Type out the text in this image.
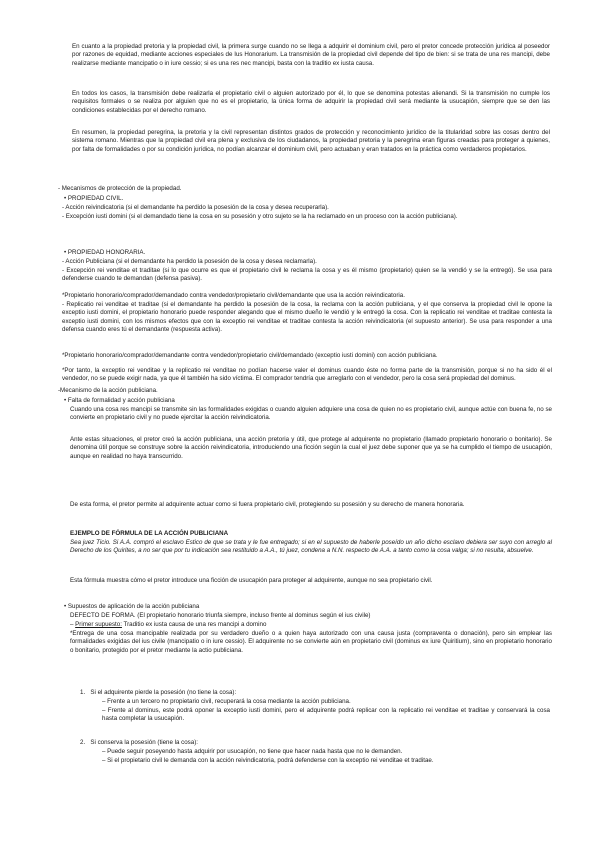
En cuanto a la propiedad pretoria y la propiedad civil, la primera surge cuando no se llega a adquirir el dominium civil, pero el pretor concede protección jurídica al poseedor por razones de equidad, mediante acciones especiales de Ius Honorarium. La transmisión de la propiedad civil depende del tipo de bien: si se trata de una res mancipi, debe realizarse mediante mancipatio o in iure cessio; si es una res nec mancipi, basta con la traditio ex iusta causa.
En todos los casos, la transmisión debe realizarla el propietario civil o alguien autorizado por él, lo que se denomina potestas alienandi. Si la transmisión no cumple los requisitos formales o se realiza por alguien que no es el propietario, la única forma de adquirir la propiedad civil será mediante la usucapión, siempre que se den las condiciones establecidas por el derecho romano.
En resumen, la propiedad peregrina, la pretoria y la civil representan distintos grados de protección y reconocimiento jurídico de la titularidad sobre las cosas dentro del sistema romano. Mientras que la propiedad civil era plena y exclusiva de los ciudadanos, la propiedad pretoria y la peregrina eran figuras creadas para proteger a quienes, por falta de formalidades o por su condición jurídica, no podían alcanzar el dominium civil, pero actuaban y eran tratados en la práctica como verdaderos propietarios.
- Mecanismos de protección de la propiedad.
• PROPIEDAD CIVIL.
- Acción reivindicatoria (si el demandante ha perdido la posesión de la cosa y desea recuperarla).
- Excepción iusti domini (si el demandado tiene la cosa en su posesión y otro sujeto se la ha reclamado en un proceso con la acción publiciana).
• PROPIEDAD HONORARIA.
- Acción Publiciana (si el demandante ha perdido la posesión de la cosa y desea reclamarla).
- Excepción rei venditae et traditae (si lo que ocurre es que el propietario civil le reclama la cosa y es él mismo (propietario) quien se la vendió y se la entregó). Se usa para defenderse cuando te demandan (defensa pasiva).
*Propietario honorario/comprador/demandado contra vendedor/propietario civil/demandante que usa la acción reivindicatoria.
- Replicatio rei venditae et traditae (si el demandante ha perdido la posesión de la cosa, la reclama con la acción publiciana, y el que conserva la propiedad civil le opone la exceptio iusti domini, el propietario honorario puede responder alegando que el mismo dueño le vendió y le entregó la cosa. Con la replicatio rei venditae et traditae contesta la exceptio iusti domini, con los mismos efectos que con la exceptio rei venditae et traditae contesta la acción reivindicatoria (el supuesto anterior). Se usa para responder a una defensa cuando eres tú el demandante (respuesta activa).
*Propietario honorario/comprador/demandante contra vendedor/propietario civil/demandado (exceptio iusti domini) con acción publiciana.
*Por tanto, la exceptio rei venditae y la replicatio rei venditae no podían hacerse valer el dominus cuando éste no forma parte de la transmisión, porque si no ha sido él el vendedor, no se puede exigir nada, ya que él también ha sido víctima. El comprador tendría que arreglarlo con el vendedor, pero la cosa será propiedad del dominus.
-Mecanismo de la acción publiciana.
• Falta de formalidad y acción publiciana
Cuando una cosa res mancipi se transmite sin las formalidades exigidas o cuando alguien adquiere una cosa de quien no es propietario civil, aunque actúe con buena fe, no se convierte en propietario civil y no puede ejercitar la acción reivindicatoria.
Ante estas situaciones, el pretor creó la acción publiciana, una acción pretoria y útil, que protege al adquirente no propietario (llamado propietario honorario o bonitario). Se denomina útil porque se construye sobre la acción reivindicatoria, introduciendo una ficción según la cual el juez debe suponer que ya se ha cumplido el tiempo de usucapión, aunque en realidad no haya transcurrido.
De esta forma, el pretor permite al adquirente actuar como si fuera propietario civil, protegiendo su posesión y su derecho de manera honoraria.
EJEMPLO DE FÓRMULA DE LA ACCIÓN PUBLICIANA
Sea juez Ticio. Si A.A. compró el esclavo Estico de que se trata y le fue entregado; si en el supuesto de haberle poseído un año dicho esclavo debiera ser suyo con arreglo al Derecho de los Quirites, a no ser que por tu indicación sea restituido a A.A., tú juez, condena a N.N. respecto de A.A. a tanto como la cosa valga; si no resulta, absuelve.
Esta fórmula muestra cómo el pretor introduce una ficción de usucapión para proteger al adquirente, aunque no sea propietario civil.
• Supuestos de aplicación de la acción publiciana
DEFECTO DE FORMA. (El propietario honorario triunfa siempre, incluso frente al dominus según el ius civile)
– Primer supuesto: Traditio ex iusta causa de una res mancipi a domino
*Entrega de una cosa mancipable realizada por su verdadero dueño o a quien haya autorizado con una causa justa (compraventa o donación), pero sin emplear las formalidades exigidas del ius civile (mancipatio o in iure cessio). El adquirente no se convierte aún en propietario civil (dominus ex iure Quiritium), sino en propietario honorario o bonitario, protegido por el pretor mediante la actio publiciana.
1. Si el adquirente pierde la posesión (no tiene la cosa):
– Frente a un tercero no propietario civil, recuperará la cosa mediante la acción publiciana.
– Frente al dominus, este podrá oponer la exceptio iusti domini, pero el adquirente podrá replicar con la replicatio rei venditae et traditae y conservará la cosa hasta completar la usucapión.
2. Si conserva la posesión (tiene la cosa):
– Puede seguir poseyendo hasta adquirir por usucapión, no tiene que hacer nada hasta que no le demanden.
– Si el propietario civil le demanda con la acción reivindicatoria, podrá defenderse con la exceptio rei venditae et traditae.
